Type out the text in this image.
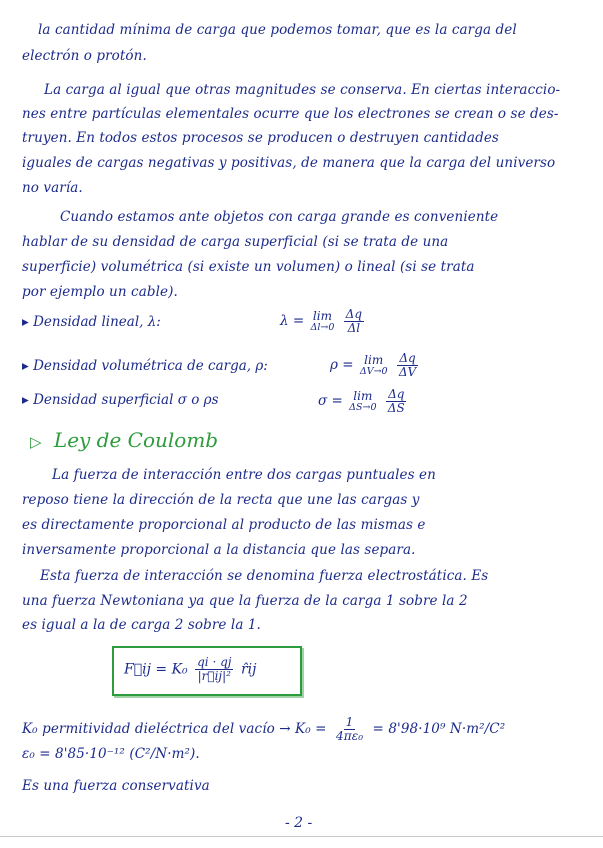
la cantidad mínima de carga que podemos tomar, que es la carga del
electrón o protón.
La carga al igual que otras magnitudes se conserva. En ciertas interaccio-
nes entre partículas elementales ocurre que los electrones se crean o se des-
truyen. En todos estos procesos se producen o destruyen cantidades
iguales de cargas negativas y positivas, de manera que la carga del universo
no varía.
Cuando estamos ante objetos con carga grande es conveniente
hablar de su densidad de carga superficial (si se trata de una
superficie) volumétrica (si existe un volumen) o lineal (si se trata
por ejemplo un cable).
▸ Densidad lineal, λ:	λ = lim
Δl→0
$\frac{\Delta q}{\Delta l}$
▸ Densidad volumétrica de carga, ρ:	ρ = lim
ΔV→0
$\frac{\Delta q}{\Delta V}$
▸ Densidad superficial σ o ρs	σ = lim
ΔS→0
$\frac{\Delta q}{\Delta S}$
▷ Ley de Coulomb
La fuerza de interacción entre dos cargas puntuales en
reposo tiene la dirección de la recta que une las cargas y
es directamente proporcional al producto de las mismas e
inversamente proporcional a la distancia que las separa.
Esta fuerza de interacción se denomina fuerza electrostática. Es
una fuerza Newtoniana ya que la fuerza de la carga 1 sobre la 2
es igual a la de carga 2 sobre la 1.
F⃗ij = $K_0 \frac{qi \cdot qj}{\text{|r⃗ij|²}}$ r̂ij
K₀ permitividad dieléctrica del vacío → $K_0 = \frac{1}{\text{4πε₀}} = 8'98\cdot 10^9$ N·m²/C²
ε₀ = 8'85·10⁻¹² (C²/N·m²).
Es una fuerza conservativa
- 2 -
